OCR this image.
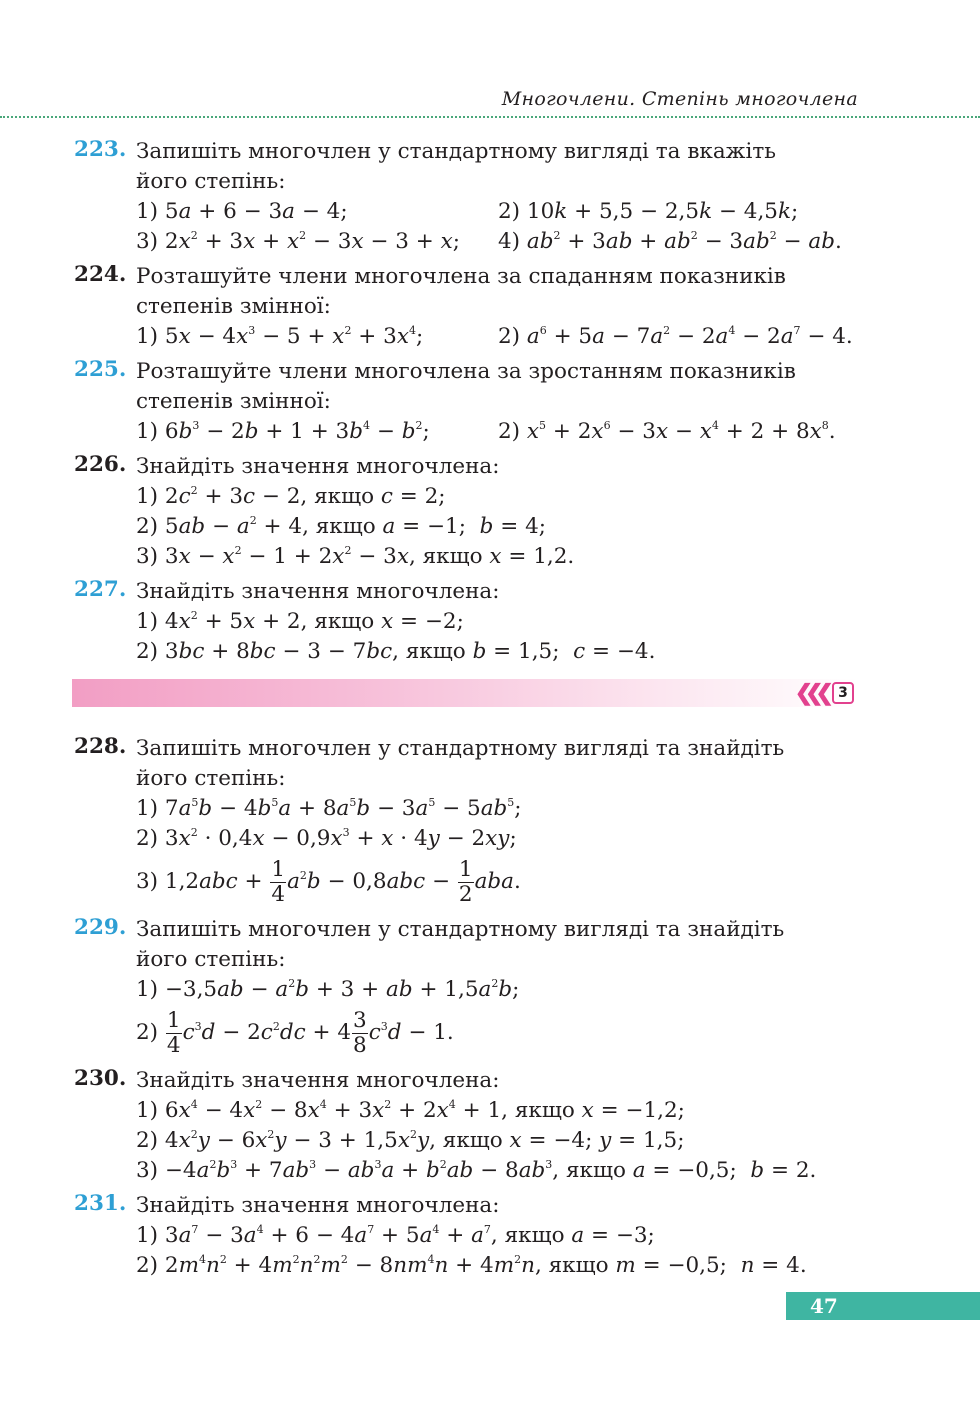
Многочлени. Степінь многочлена
223. Запишіть многочлен у стандартному вигляді та вкажіть
його степінь:
1) 5a + 6 − 3a − 4;	2) 10k + 5,5 − 2,5k − 4,5k;
3) $2x^2 + 3x + x^2 - 3x - 3 + x$;	4) $ab^2 + 3ab + ab^2 - 3ab^2$ − ab.
224. Розташуйте члени многочлена за спаданням показників
степенів змінної:
1) $5x - 4x^3 - 5 + x^2 + 3x^4$;	2) $a^6 + 5a - 7a^2 - 2a^4 - 2a^7 - 4$.
225. Розташуйте члени многочлена за зростанням показників
степенів змінної:
1) $6b^3 - 2b + 1 + 3b^4 - b^2$;	2) $x^5 + 2x^6 - 3x - x^4 + 2 + 8x^8$.
226. Знайдіть значення многочлена:
1) $2c^2 + 3c - 2$, якщо c = 2;
2) $5ab - a^2 + 4$, якщо a = −1;  b = 4;
3) $3x - x^2 - 1 + 2x^2 - 3x$, якщо x = 1,2.
227. Знайдіть значення многочлена:
1) $4x^2 + 5x + 2$, якщо x = −2;
2) 3bc + 8bc − 3 − 7bc, якщо b = 1,5;  c = −4.
❮❮❮ 3
228. Запишіть многочлен у стандартному вигляді та знайдіть
його степінь:
1) $7a^5b - 4b^5a + 8a^5b - 3a^5 - 5ab^5$;
2) $3x^2 \cdot 0,4x - 0,9x^3 + x \cdot 4y - 2xy$;
3) $1,2abc + \frac{1}{4} a^2b - 0,8abc - \frac{1}{2}$ aba.
229. Запишіть многочлен у стандартному вигляді та знайдіть
його степінь:
$1) -3,5ab - a^2b + 3$ + ab + $1,5a^2b$;
$2) \frac{1}{4} c^3d - 2c^2dc + 4 \frac{3}{8} c^3d - 1$.
230. Знайдіть значення многочлена:
1) $6x^4 - 4x^2 - 8x^4 + 3x^2 + 2x^4 + 1$, якщо x = −1,2;
2) $4x^2y - 6x^2y - 3 + 1,5x^2y$, якщо x = −4; y = 1,5;
$3) -4a^2b^3 + 7ab^3 - ab^3a + b^2ab - 8ab^3$, якщо a = −0,5;  b = 2.
231. Знайдіть значення многочлена:
1) $3a^7 - 3a^4 + 6 - 4a^7 + 5a^4 + a^7$, якщо a = −3;
2) $2m^4n^2 + 4m^2n^2m^2 - 8nm^4n + 4m^2n$, якщо m = −0,5;  n = 4.
47
